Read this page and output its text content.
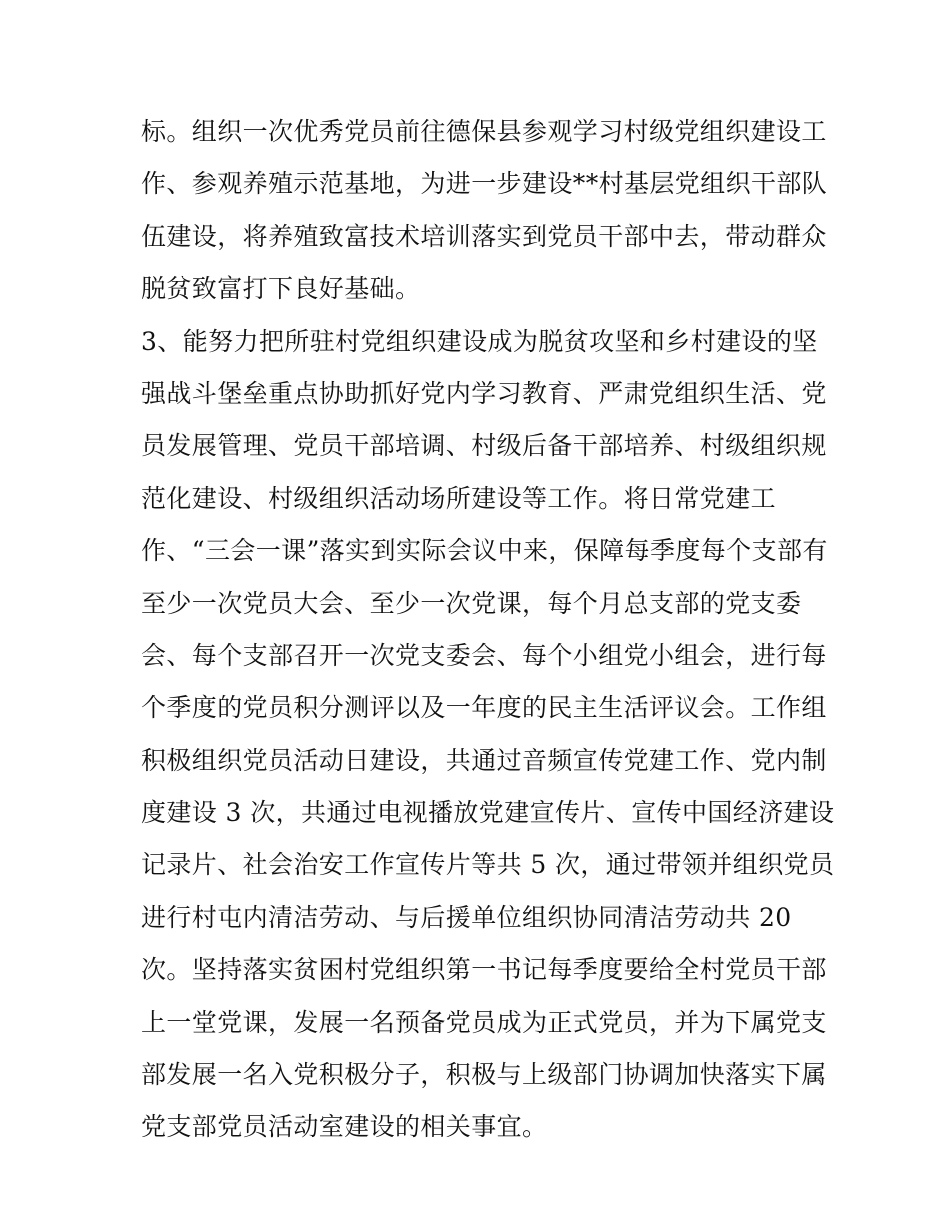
标。组织一次优秀党员前往德保县参观学习村级党组织建设工
作、参观养殖示范基地，为进一步建设**村基层党组织干部队
伍建设，将养殖致富技术培训落实到党员干部中去，带动群众
脱贫致富打下良好基础。
3、能努力把所驻村党组织建设成为脱贫攻坚和乡村建设的坚
强战斗堡垒重点协助抓好党内学习教育、严肃党组织生活、党
员发展管理、党员干部培调、村级后备干部培养、村级组织规
范化建设、村级组织活动场所建设等工作。将日常党建工
作、“三会一课”落实到实际会议中来，保障每季度每个支部有
至少一次党员大会、至少一次党课，每个月总支部的党支委
会、每个支部召开一次党支委会、每个小组党小组会，进行每
个季度的党员积分测评以及一年度的民主生活评议会。工作组
积极组织党员活动日建设，共通过音频宣传党建工作、党内制
度建设 3 次，共通过电视播放党建宣传片、宣传中国经济建设
记录片、社会治安工作宣传片等共 5 次，通过带领并组织党员
进行村屯内清洁劳动、与后援单位组织协同清洁劳动共 20
次。坚持落实贫困村党组织第一书记每季度要给全村党员干部
上一堂党课，发展一名预备党员成为正式党员，并为下属党支
部发展一名入党积极分子，积极与上级部门协调加快落实下属
党支部党员活动室建设的相关事宜。
